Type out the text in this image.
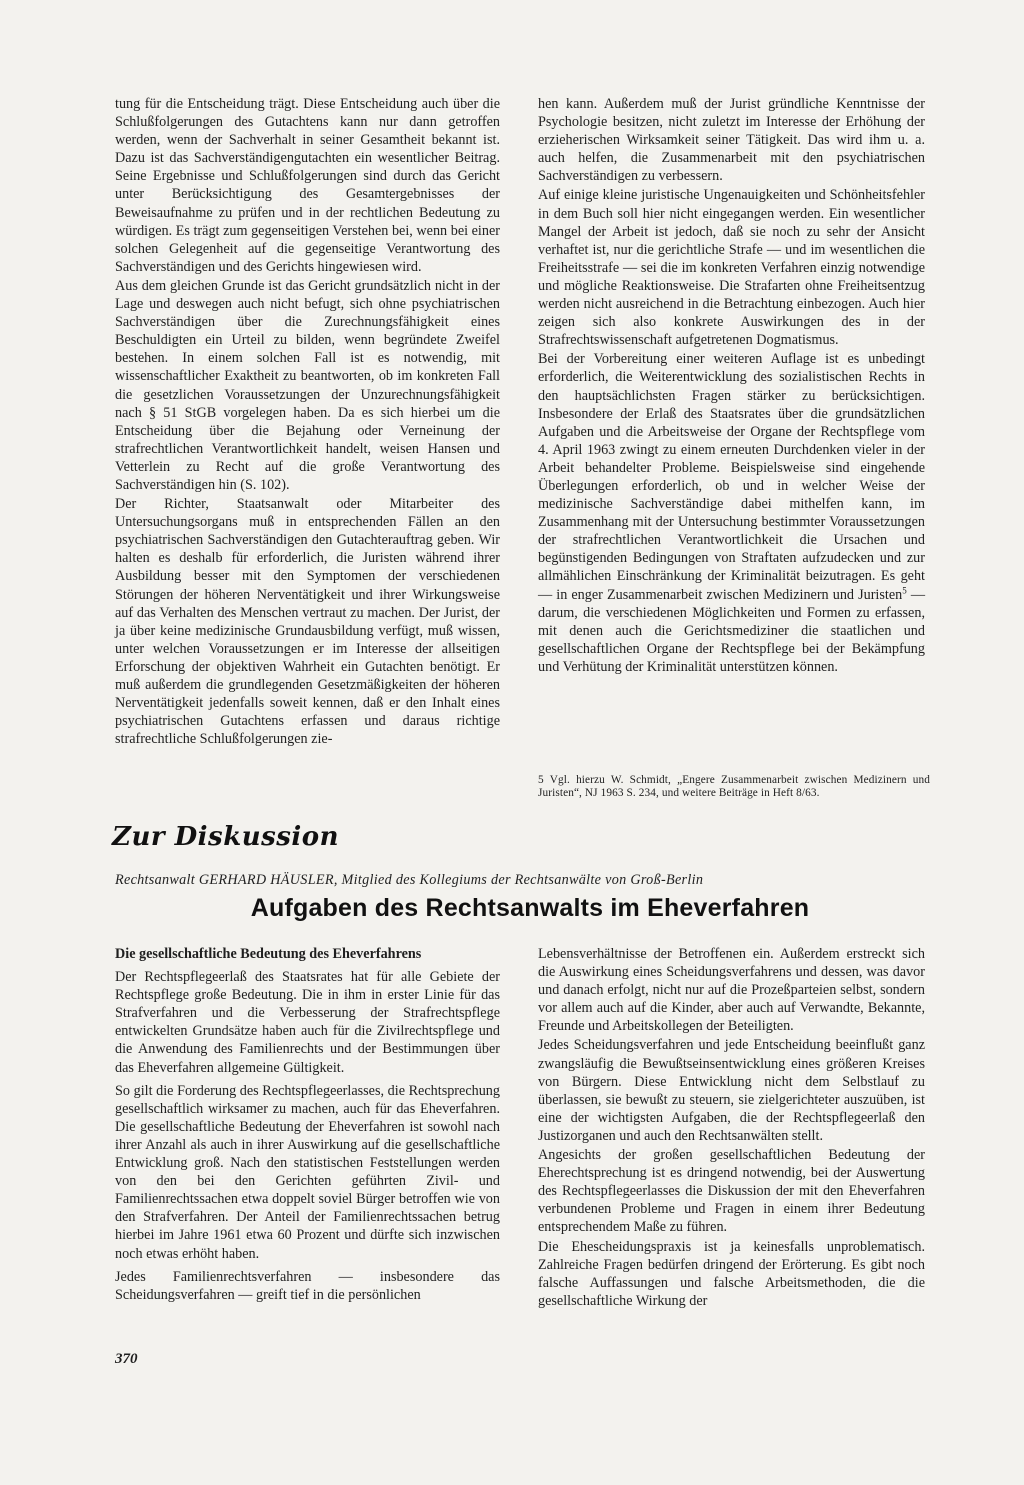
tung für die Entscheidung trägt. Diese Entscheidung auch über die Schlußfolgerungen des Gutachtens kann nur dann getroffen werden, wenn der Sachverhalt in seiner Gesamtheit bekannt ist. Dazu ist das Sachverständigengutachten ein wesentlicher Beitrag. Seine Ergebnisse und Schlußfolgerungen sind durch das Gericht unter Berücksichtigung des Gesamtergebnisses der Beweisaufnahme zu prüfen und in der rechtlichen Bedeutung zu würdigen. Es trägt zum gegenseitigen Verstehen bei, wenn bei einer solchen Gelegenheit auf die gegenseitige Verantwortung des Sachverständigen und des Gerichts hingewiesen wird.

Aus dem gleichen Grunde ist das Gericht grundsätzlich nicht in der Lage und deswegen auch nicht befugt, sich ohne psychiatrischen Sachverständigen über die Zurechnungsfähigkeit eines Beschuldigten ein Urteil zu bilden, wenn begründete Zweifel bestehen. In einem solchen Fall ist es notwendig, mit wissenschaftlicher Exaktheit zu beantworten, ob im konkreten Fall die gesetzlichen Voraussetzungen der Unzurechnungsfähigkeit nach § 51 StGB vorgelegen haben. Da es sich hierbei um die Entscheidung über die Bejahung oder Verneinung der strafrechtlichen Verantwortlichkeit handelt, weisen Hansen und Vetterlein zu Recht auf die große Verantwortung des Sachverständigen hin (S. 102).

Der Richter, Staatsanwalt oder Mitarbeiter des Untersuchungsorgans muß in entsprechenden Fällen an den psychiatrischen Sachverständigen den Gutachterauftrag geben. Wir halten es deshalb für erforderlich, die Juristen während ihrer Ausbildung besser mit den Symptomen der verschiedenen Störungen der höheren Nerventätigkeit und ihrer Wirkungsweise auf das Verhalten des Menschen vertraut zu machen. Der Jurist, der ja über keine medizinische Grundausbildung verfügt, muß wissen, unter welchen Voraussetzungen er im Interesse der allseitigen Erforschung der objektiven Wahrheit ein Gutachten benötigt. Er muß außerdem die grundlegenden Gesetzmäßigkeiten der höheren Nerventätigkeit jedenfalls soweit kennen, daß er den Inhalt eines psychiatrischen Gutachtens erfassen und daraus richtige strafrechtliche Schlußfolgerungen zie-

hen kann. Außerdem muß der Jurist gründliche Kenntnisse der Psychologie besitzen, nicht zuletzt im Interesse der Erhöhung der erzieherischen Wirksamkeit seiner Tätigkeit. Das wird ihm u. a. auch helfen, die Zusammenarbeit mit den psychiatrischen Sachverständigen zu verbessern.

Auf einige kleine juristische Ungenauigkeiten und Schönheitsfehler in dem Buch soll hier nicht eingegangen werden. Ein wesentlicher Mangel der Arbeit ist jedoch, daß sie noch zu sehr der Ansicht verhaftet ist, nur die gerichtliche Strafe — und im wesentlichen die Freiheitsstrafe — sei die im konkreten Verfahren einzig notwendige und mögliche Reaktionsweise. Die Strafarten ohne Freiheitsentzug werden nicht ausreichend in die Betrachtung einbezogen. Auch hier zeigen sich also konkrete Auswirkungen des in der Strafrechtswissenschaft aufgetretenen Dogmatismus.

Bei der Vorbereitung einer weiteren Auflage ist es unbedingt erforderlich, die Weiterentwicklung des sozialistischen Rechts in den hauptsächlichsten Fragen stärker zu berücksichtigen. Insbesondere der Erlaß des Staatsrates über die grundsätzlichen Aufgaben und die Arbeitsweise der Organe der Rechtspflege vom 4. April 1963 zwingt zu einem erneuten Durchdenken vieler in der Arbeit behandelter Probleme. Beispielsweise sind eingehende Überlegungen erforderlich, ob und in welcher Weise der medizinische Sachverständige dabei mithelfen kann, im Zusammenhang mit der Untersuchung bestimmter Voraussetzungen der strafrechtlichen Verantwortlichkeit die Ursachen und begünstigenden Bedingungen von Straftaten aufzudecken und zur allmählichen Einschränkung der Kriminalität beizutragen. Es geht — in enger Zusammenarbeit zwischen Medizinern und Juristen$^5$ — darum, die verschiedenen Möglichkeiten und Formen zu erfassen, mit denen auch die Gerichtsmediziner die staatlichen und gesellschaftlichen Organe der Rechtspflege bei der Bekämpfung und Verhütung der Kriminalität unterstützen können.

5 Vgl. hierzu W. Schmidt, „Engere Zusammenarbeit zwischen Medizinern und Juristen“, NJ 1963 S. 234, und weitere Beiträge in Heft 8/63.
Zur Diskussion
Rechtsanwalt GERHARD HÄUSLER, Mitglied des Kollegiums der Rechtsanwälte von Groß-Berlin
Aufgaben des Rechtsanwalts im Eheverfahren

Die gesellschaftliche Bedeutung des Eheverfahrens

Der Rechtspflegeerlaß des Staatsrates hat für alle Gebiete der Rechtspflege große Bedeutung. Die in ihm in erster Linie für das Strafverfahren und die Verbesserung der Strafrechtspflege entwickelten Grundsätze haben auch für die Zivilrechtspflege und die Anwendung des Familienrechts und der Bestimmungen über das Eheverfahren allgemeine Gültigkeit.

So gilt die Forderung des Rechtspflegeerlasses, die Rechtsprechung gesellschaftlich wirksamer zu machen, auch für das Eheverfahren. Die gesellschaftliche Bedeutung der Eheverfahren ist sowohl nach ihrer Anzahl als auch in ihrer Auswirkung auf die gesellschaftliche Entwicklung groß. Nach den statistischen Feststellungen werden von den bei den Gerichten geführten Zivil- und Familienrechtssachen etwa doppelt soviel Bürger betroffen wie von den Strafverfahren. Der Anteil der Familienrechtssachen betrug hierbei im Jahre 1961 etwa 60 Prozent und dürfte sich inzwischen noch etwas erhöht haben.

Jedes Familienrechtsverfahren — insbesondere das Scheidungsverfahren — greift tief in die persönlichen

Lebensverhältnisse der Betroffenen ein. Außerdem erstreckt sich die Auswirkung eines Scheidungsverfahrens und dessen, was davor und danach erfolgt, nicht nur auf die Prozeßparteien selbst, sondern vor allem auch auf die Kinder, aber auch auf Verwandte, Bekannte, Freunde und Arbeitskollegen der Beteiligten.

Jedes Scheidungsverfahren und jede Entscheidung beeinflußt ganz zwangsläufig die Bewußtseinsentwicklung eines größeren Kreises von Bürgern. Diese Entwicklung nicht dem Selbstlauf zu überlassen, sie bewußt zu steuern, sie zielgerichteter auszuüben, ist eine der wichtigsten Aufgaben, die der Rechtspflegeerlaß den Justizorganen und auch den Rechtsanwälten stellt.

Angesichts der großen gesellschaftlichen Bedeutung der Eherechtsprechung ist es dringend notwendig, bei der Auswertung des Rechtspflegeerlasses die Diskussion der mit den Eheverfahren verbundenen Probleme und Fragen in einem ihrer Bedeutung entsprechendem Maße zu führen.

Die Ehescheidungspraxis ist ja keinesfalls unproblematisch. Zahlreiche Fragen bedürfen dringend der Erörterung. Es gibt noch falsche Auffassungen und falsche Arbeitsmethoden, die die gesellschaftliche Wirkung der

370
